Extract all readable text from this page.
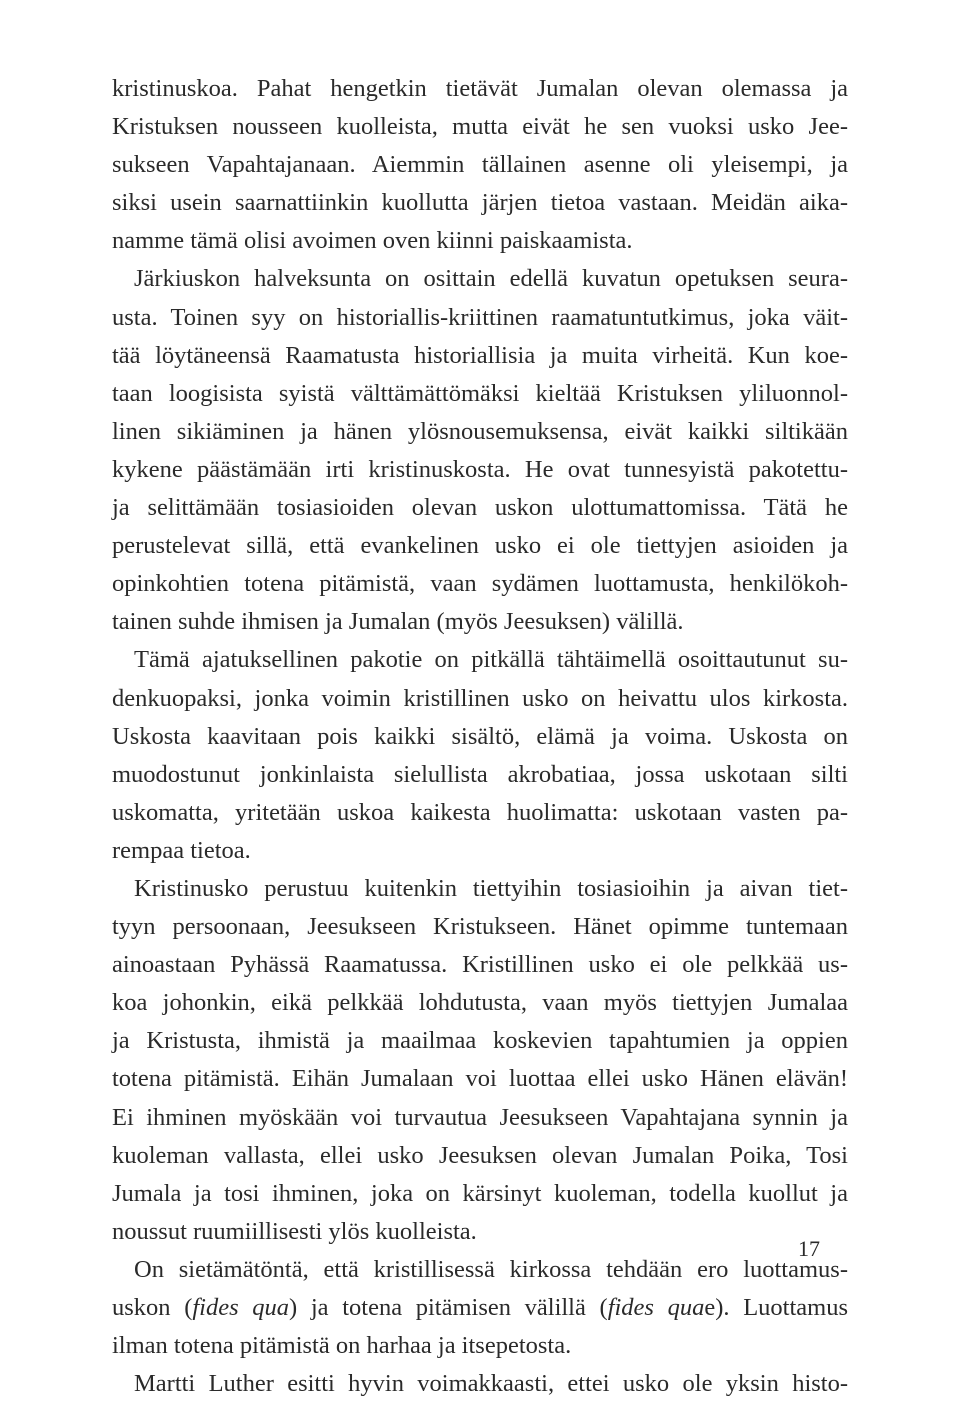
kristinuskoa. Pahat hengetkin tietävät Jumalan olevan olemassa ja
Kristuksen nousseen kuolleista, mutta eivät he sen vuoksi usko Jee-
sukseen Vapahtajanaan. Aiemmin tällainen asenne oli yleisempi, ja
siksi usein saarnattiinkin kuollutta järjen tietoa vastaan. Meidän aika-
namme tämä olisi avoimen oven kiinni paiskaamista.
Järkiuskon halveksunta on osittain edellä kuvatun opetuksen seura-
usta. Toinen syy on historiallis-kriittinen raamatuntutkimus, joka väit-
tää löytäneensä Raamatusta historiallisia ja muita virheitä. Kun koe-
taan loogisista syistä välttämättömäksi kieltää Kristuksen yliluonnol-
linen sikiäminen ja hänen ylösnousemuksensa, eivät kaikki siltikään
kykene päästämään irti kristinuskosta. He ovat tunnesyistä pakotettu-
ja selittämään tosiasioiden olevan uskon ulottumattomissa. Tätä he
perustelevat sillä, että evankelinen usko ei ole tiettyjen asioiden ja
opinkohtien totena pitämistä, vaan sydämen luottamusta, henkilökoh-
tainen suhde ihmisen ja Jumalan (myös Jeesuksen) välillä.
Tämä ajatuksellinen pakotie on pitkällä tähtäimellä osoittautunut su-
denkuopaksi, jonka voimin kristillinen usko on heivattu ulos kirkosta.
Uskosta kaavitaan pois kaikki sisältö, elämä ja voima. Uskosta on
muodostunut jonkinlaista sielullista akrobatiaa, jossa uskotaan silti
uskomatta, yritetään uskoa kaikesta huolimatta: uskotaan vasten pa-
rempaa tietoa.
Kristinusko perustuu kuitenkin tiettyihin tosiasioihin ja aivan tiet-
tyyn persoonaan, Jeesukseen Kristukseen. Hänet opimme tuntemaan
ainoastaan Pyhässä Raamatussa. Kristillinen usko ei ole pelkkää us-
koa johonkin, eikä pelkkää lohdutusta, vaan myös tiettyjen Jumalaa
ja Kristusta, ihmistä ja maailmaa koskevien tapahtumien ja oppien
totena pitämistä. Eihän Jumalaan voi luottaa ellei usko Hänen elävän!
Ei ihminen myöskään voi turvautua Jeesukseen Vapahtajana synnin ja
kuoleman vallasta, ellei usko Jeesuksen olevan Jumalan Poika, Tosi
Jumala ja tosi ihminen, joka on kärsinyt kuoleman, todella kuollut ja
noussut ruumiillisesti ylös kuolleista.
On sietämätöntä, että kristillisessä kirkossa tehdään ero luottamus-
uskon (fides qua) ja totena pitämisen välillä (fides quae). Luottamus
ilman totena pitämistä on harhaa ja itsepetosta.
Martti Luther esitti hyvin voimakkaasti, ettei usko ole yksin histo-
17
